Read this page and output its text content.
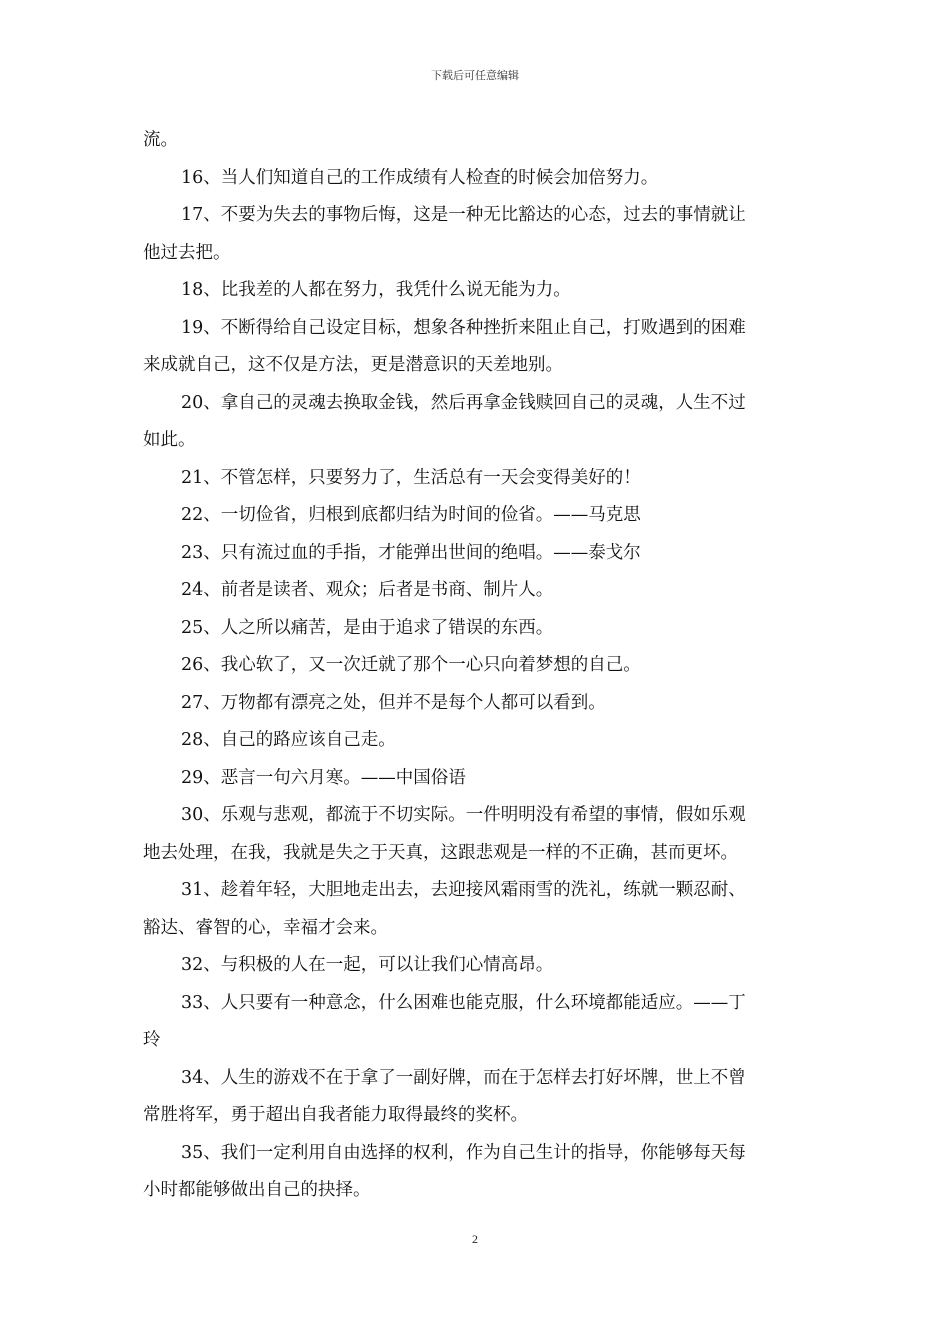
下载后可任意编辑
流。
16、当人们知道自己的工作成绩有人检查的时候会加倍努力。
17、不要为失去的事物后悔，这是一种无比豁达的心态，过去的事情就让
他过去把。
18、比我差的人都在努力，我凭什么说无能为力。
19、不断得给自己设定目标，想象各种挫折来阻止自己，打败遇到的困难
来成就自己，这不仅是方法，更是潜意识的天差地别。
20、拿自己的灵魂去换取金钱，然后再拿金钱赎回自己的灵魂，人生不过
如此。
21、不管怎样，只要努力了，生活总有一天会变得美好的！
22、一切俭省，归根到底都归结为时间的俭省。——马克思
23、只有流过血的手指，才能弹出世间的绝唱。——泰戈尔
24、前者是读者、观众；后者是书商、制片人。
25、人之所以痛苦，是由于追求了错误的东西。
26、我心软了，又一次迁就了那个一心只向着梦想的自己。
27、万物都有漂亮之处，但并不是每个人都可以看到。
28、自己的路应该自己走。
29、恶言一句六月寒。——中国俗语
30、乐观与悲观，都流于不切实际。一件明明没有希望的事情，假如乐观
地去处理，在我，我就是失之于天真，这跟悲观是一样的不正确，甚而更坏。
31、趁着年轻，大胆地走出去，去迎接风霜雨雪的洗礼，练就一颗忍耐、
豁达、睿智的心，幸福才会来。
32、与积极的人在一起，可以让我们心情高昂。
33、人只要有一种意念，什么困难也能克服，什么环境都能适应。——丁
玲
34、人生的游戏不在于拿了一副好牌，而在于怎样去打好坏牌，世上不曾
常胜将军，勇于超出自我者能力取得最终的奖杯。
35、我们一定利用自由选择的权利，作为自己生计的指导，你能够每天每
小时都能够做出自己的抉择。
2
